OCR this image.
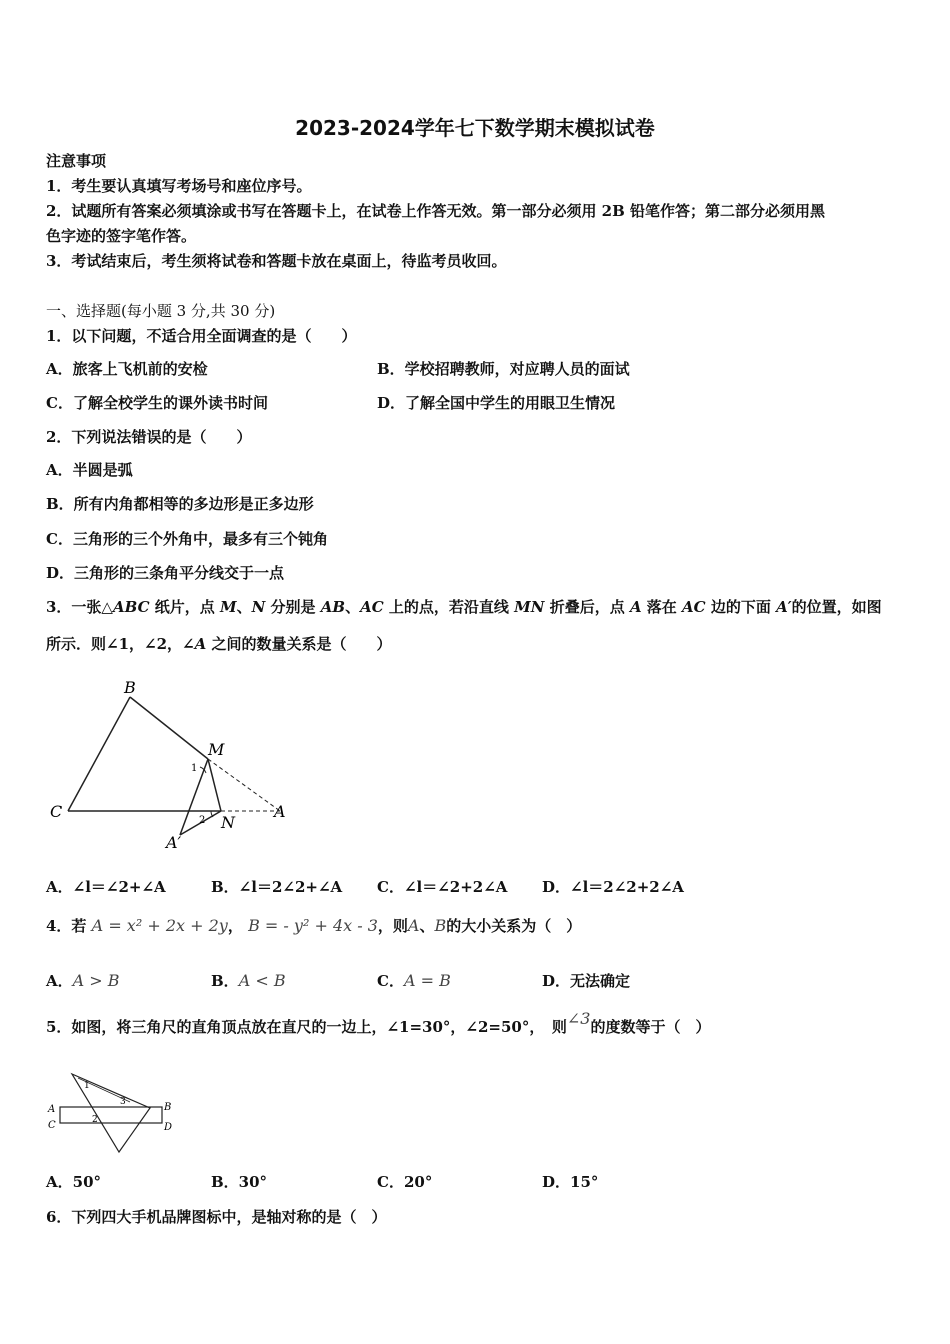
2023-2024学年七下数学期末模拟试卷
注意事项
1．考生要认真填写考场号和座位序号。
2．试题所有答案必须填涂或书写在答题卡上，在试卷上作答无效。第一部分必须用 2B 铅笔作答；第二部分必须用黑
色字迹的签字笔作答。
3．考试结束后，考生须将试卷和答题卡放在桌面上，待监考员收回。
一、选择题(每小题 3 分,共 30 分)
1．以下问题，不适合用全面调查的是（　　）
A．旅客上飞机前的安检	B．学校招聘教师，对应聘人员的面试
C．了解全校学生的课外读书时间	D．了解全国中学生的用眼卫生情况
2．下列说法错误的是（　　）
A．半圆是弧
B．所有内角都相等的多边形是正多边形
C．三角形的三个外角中，最多有三个钝角
D．三角形的三条角平分线交于一点
3．一张△ABC 纸片，点 M、N 分别是 AB、AC 上的点，若沿直线 MN 折叠后，点 A 落在 AC 边的下面 A′的位置，如图
所示．则∠1，∠2，∠A 之间的数量关系是（　　）
B
C
M
N
A
A′
1
2
A．∠l＝∠2+∠A	B．∠l＝2∠2+∠A C．∠l＝∠2+2∠A D．∠l＝2∠2+2∠A
4．若 A = x² + 2x + 2y， B = - y² + 4x - 3，则A、B的大小关系为（　）
A．A > B	B．A < B	C．A = B	D．无法确定
5．如图，将三角尺的直角顶点放在直尺的一边上，∠1=30°，∠2=50°，　则∠3的度数等于（　）
A
C
B
D
1
2
3
A．50°	B．30°	C．20°	D．15°
6．下列四大手机品牌图标中，是轴对称的是（　）
